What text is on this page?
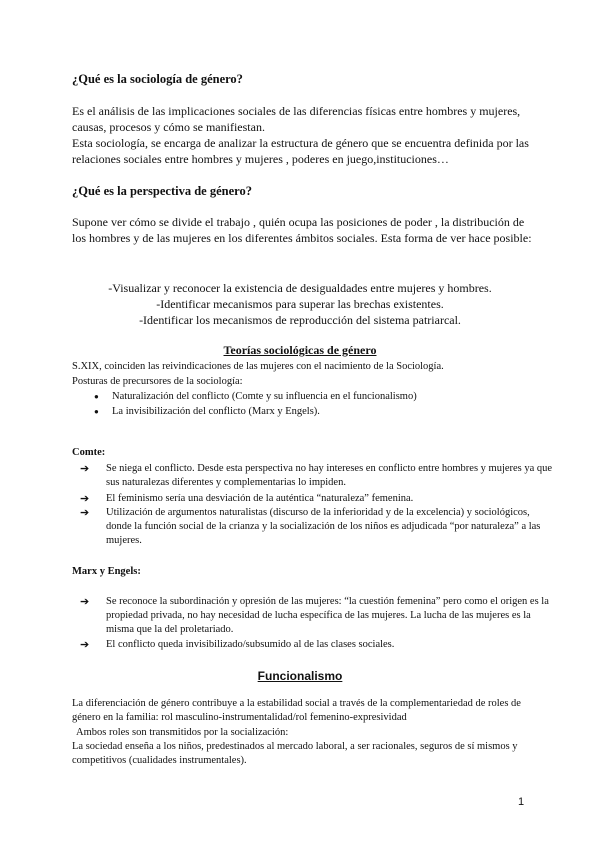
¿Qué es la sociología de género?

Es el análisis de las implicaciones sociales de las diferencias físicas entre hombres y mujeres, causas, procesos y cómo se manifiestan.

Esta sociología, se encarga de analizar la estructura de género que se encuentra definida por las relaciones sociales entre hombres y mujeres , poderes en juego,instituciones…

¿Qué es la perspectiva de género?

Supone ver cómo se divide el trabajo , quién ocupa las posiciones de poder , la distribución de los hombres y de las mujeres en los diferentes ámbitos sociales. Esta forma de ver hace posible:

-Visualizar y reconocer la existencia de desigualdades entre mujeres y hombres.
-Identificar mecanismos para superar las brechas existentes.
-Identificar los mecanismos de reproducción del sistema patriarcal.
Teorías sociológicas de género

S.XIX, coinciden las reivindicaciones de las mujeres con el nacimiento de la Sociología.

Posturas de precursores de la sociología:

● Naturalización del conflicto (Comte y su influencia en el funcionalismo)

● La invisibilización del conflicto (Marx y Engels).

Comte:

➔ Se niega el conflicto. Desde esta perspectiva no hay intereses en conflicto entre hombres y mujeres ya que sus naturalezas diferentes y complementarias lo impiden.

➔ El feminismo sería una desviación de la auténtica “naturaleza” femenina.

➔ Utilización de argumentos naturalistas (discurso de la inferioridad y de la excelencia) y sociológicos, donde la función social de la crianza y la socialización de los niños es adjudicada “por naturaleza” a las mujeres.

Marx y Engels:

➔ Se reconoce la subordinación y opresión de las mujeres: “la cuestión femenina” pero como el origen es la propiedad privada, no hay necesidad de lucha específica de las mujeres. La lucha de las mujeres es la misma que la del proletariado.

➔ El conflicto queda invisibilizado/subsumido al de las clases sociales.

Funcionalismo

La diferenciación de género contribuye a la estabilidad social a través de la complementariedad de roles de género en la familia: rol masculino-instrumentalidad/rol femenino-expresividad

Ambos roles son transmitidos por la socialización:

La sociedad enseña a los niños, predestinados al mercado laboral, a ser racionales, seguros de sí mismos y competitivos (cualidades instrumentales).

1
